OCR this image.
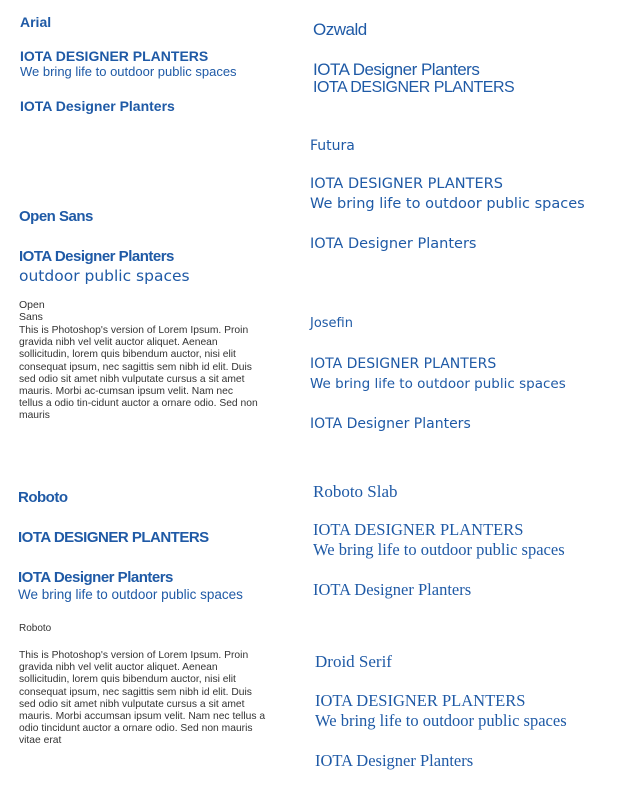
Arial
IOTA DESIGNER PLANTERS
We bring life to outdoor public spaces
IOTA Designer Planters
Ozwald
IOTA Designer Planters
IOTA DESIGNER PLANTERS
Futura
IOTA DESIGNER PLANTERS
We bring life to outdoor public spaces
IOTA Designer Planters
Open Sans
IOTA Designer Planters
outdoor public spaces
Open Sans
This is Photoshop's version of Lorem Ipsum. Proin gravida nibh vel velit auctor aliquet. Aenean sollicitudin, lorem quis bibendum auctor, nisi elit consequat ipsum, nec sagittis sem nibh id elit. Duis sed odio sit amet nibh vulputate cursus a sit amet mauris. Morbi ac-cumsan ipsum velit. Nam nec tellus a odio tin-cidunt auctor a ornare odio. Sed non mauris
Josefin
IOTA DESIGNER PLANTERS
We bring life to outdoor public spaces
IOTA Designer Planters
Roboto
IOTA DESIGNER PLANTERS
IOTA Designer Planters
We bring life to outdoor public spaces
Roboto
This is Photoshop's version of Lorem Ipsum. Proin gravida nibh vel velit auctor aliquet. Aenean sollicitudin, lorem quis bibendum auctor, nisi elit consequat ipsum, nec sagittis sem nibh id elit. Duis sed odio sit amet nibh vulputate cursus a sit amet mauris. Morbi accumsan ipsum velit. Nam nec tellus a odio tincidunt auctor a ornare odio. Sed non mauris vitae erat
Roboto Slab
IOTA DESIGNER PLANTERS
We bring life to outdoor public spaces
IOTA Designer Planters
Droid Serif
IOTA DESIGNER PLANTERS
We bring life to outdoor public spaces
IOTA Designer Planters
